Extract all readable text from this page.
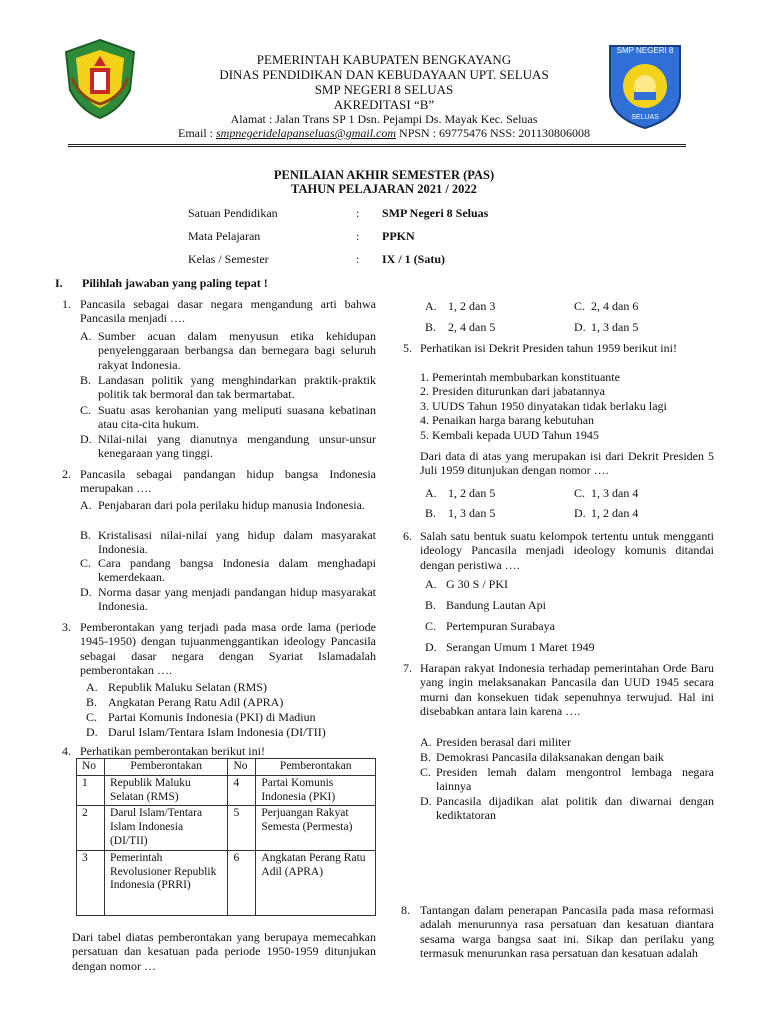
SMP NEGERI 8
SELUAS
PEMERINTAH KABUPATEN BENGKAYANG
DINAS PENDIDIKAN DAN KEBUDAYAAN UPT. SELUAS
SMP NEGERI 8 SELUAS
AKREDITASI “B”
Alamat : Jalan Trans SP 1 Dsn. Pejampi Ds. Mayak Kec. Seluas
Email : smpnegeridelapanseluas@gmail.com NPSN : 69775476 NSS: 201130806008
PENILAIAN AKHIR SEMESTER (PAS)
TAHUN PELAJARAN 2021 / 2022
Satuan Pendidikan	: SMP Negeri 8 Seluas
Mata Pelajaran	: PPKN
Kelas / Semester	: IX / 1 (Satu)
I. Pilihlah jawaban yang paling tepat !
1. Pancasila sebagai dasar negara mengandung arti bahwa Pancasila menjadi ….
A. Sumber acuan dalam menyusun etika kehidupan penyelenggaraan berbangsa dan bernegara bagi seluruh rakyat Indonesia.
B. Landasan politik yang menghindarkan praktik-praktik politik tak bermoral dan tak bermartabat.
C. Suatu asas kerohanian yang meliputi suasana kebatinan atau cita-cita hukum.
D. Nilai-nilai yang dianutnya mengandung unsur-unsur kenegaraan yang tinggi.
2. Pancasila sebagai pandangan hidup bangsa Indonesia merupakan ….
A. Penjabaran dari pola perilaku hidup manusia Indonesia.
B. Kristalisasi nilai-nilai yang hidup dalam masyarakat Indonesia.
C. Cara pandang bangsa Indonesia dalam menghadapi kemerdekaan.
D. Norma dasar yang menjadi pandangan hidup masyarakat Indonesia.
3. Pemberontakan yang terjadi pada masa orde lama (periode 1945-1950) dengan tujuanmenggantikan ideology Pancasila sebagai dasar negara dengan Syariat Islamadalah pemberontakan ….
A. Republik Maluku Selatan (RMS)
B. Angkatan Perang Ratu Adil (APRA)
C. Partai Komunis Indonesia (PKI) di Madiun
D. Darul Islam/Tentara Islam Indonesia (DI/TII)
4. Perhatikan pemberontakan berikut ini!
No	Pemberontakan	No	Pemberontakan
1	Republik Maluku Selatan (RMS)	4	Partai Komunis Indonesia (PKI)
2	Darul Islam/Tentara Islam Indonesia (DI/TII)	5	Perjuangan Rakyat Semesta (Permesta)
3	Pemerintah Revolusioner Republik Indonesia (PRRI)	6	Angkatan Perang Ratu Adil (APRA)
Dari tabel diatas pemberontakan yang berupaya memecahkan persatuan dan kesatuan pada periode 1950-1959 ditunjukan dengan nomor …
A. 1, 2 dan 3	C. 2, 4 dan 6
B. 2, 4 dan 5	D. 1, 3 dan 5
5. Perhatikan isi Dekrit Presiden tahun 1959 berikut ini!
1. Pemerintah membubarkan konstituante
2. Presiden diturunkan dari jabatannya
3. UUDS Tahun 1950 dinyatakan tidak berlaku lagi
4. Penaikan harga barang kebutuhan
5. Kembali kepada UUD Tahun 1945
Dari data di atas yang merupakan isi dari Dekrit Presiden 5 Juli 1959 ditunjukan dengan nomor ….
A. 1, 2 dan 5	C. 1, 3 dan 4
B. 1, 3 dan 5	D. 1, 2 dan 4
6. Salah satu bentuk suatu kelompok tertentu untuk mengganti ideology Pancasila menjadi ideology komunis ditandai dengan peristiwa ….
A. G 30 S / PKI
B. Bandung Lautan Api
C. Pertempuran Surabaya
D. Serangan Umum 1 Maret 1949
7. Harapan rakyat Indonesia terhadap pemerintahan Orde Baru yang ingin melaksanakan Pancasila dan UUD 1945 secara murni dan konsekuen tidak sepenuhnya terwujud. Hal ini disebabkan antara lain karena ….
A. Presiden berasal dari militer
B. Demokrasi Pancasila dilaksanakan dengan baik
C. Presiden lemah dalam mengontrol lembaga negara lainnya
D. Pancasila dijadikan alat politik dan diwarnai dengan kediktatoran
8. Tantangan dalam penerapan Pancasila pada masa reformasi adalah menurunnya rasa persatuan dan kesatuan diantara sesama warga bangsa saat ini. Sikap dan perilaku yang termasuk menurunkan rasa persatuan dan kesatuan adalah
